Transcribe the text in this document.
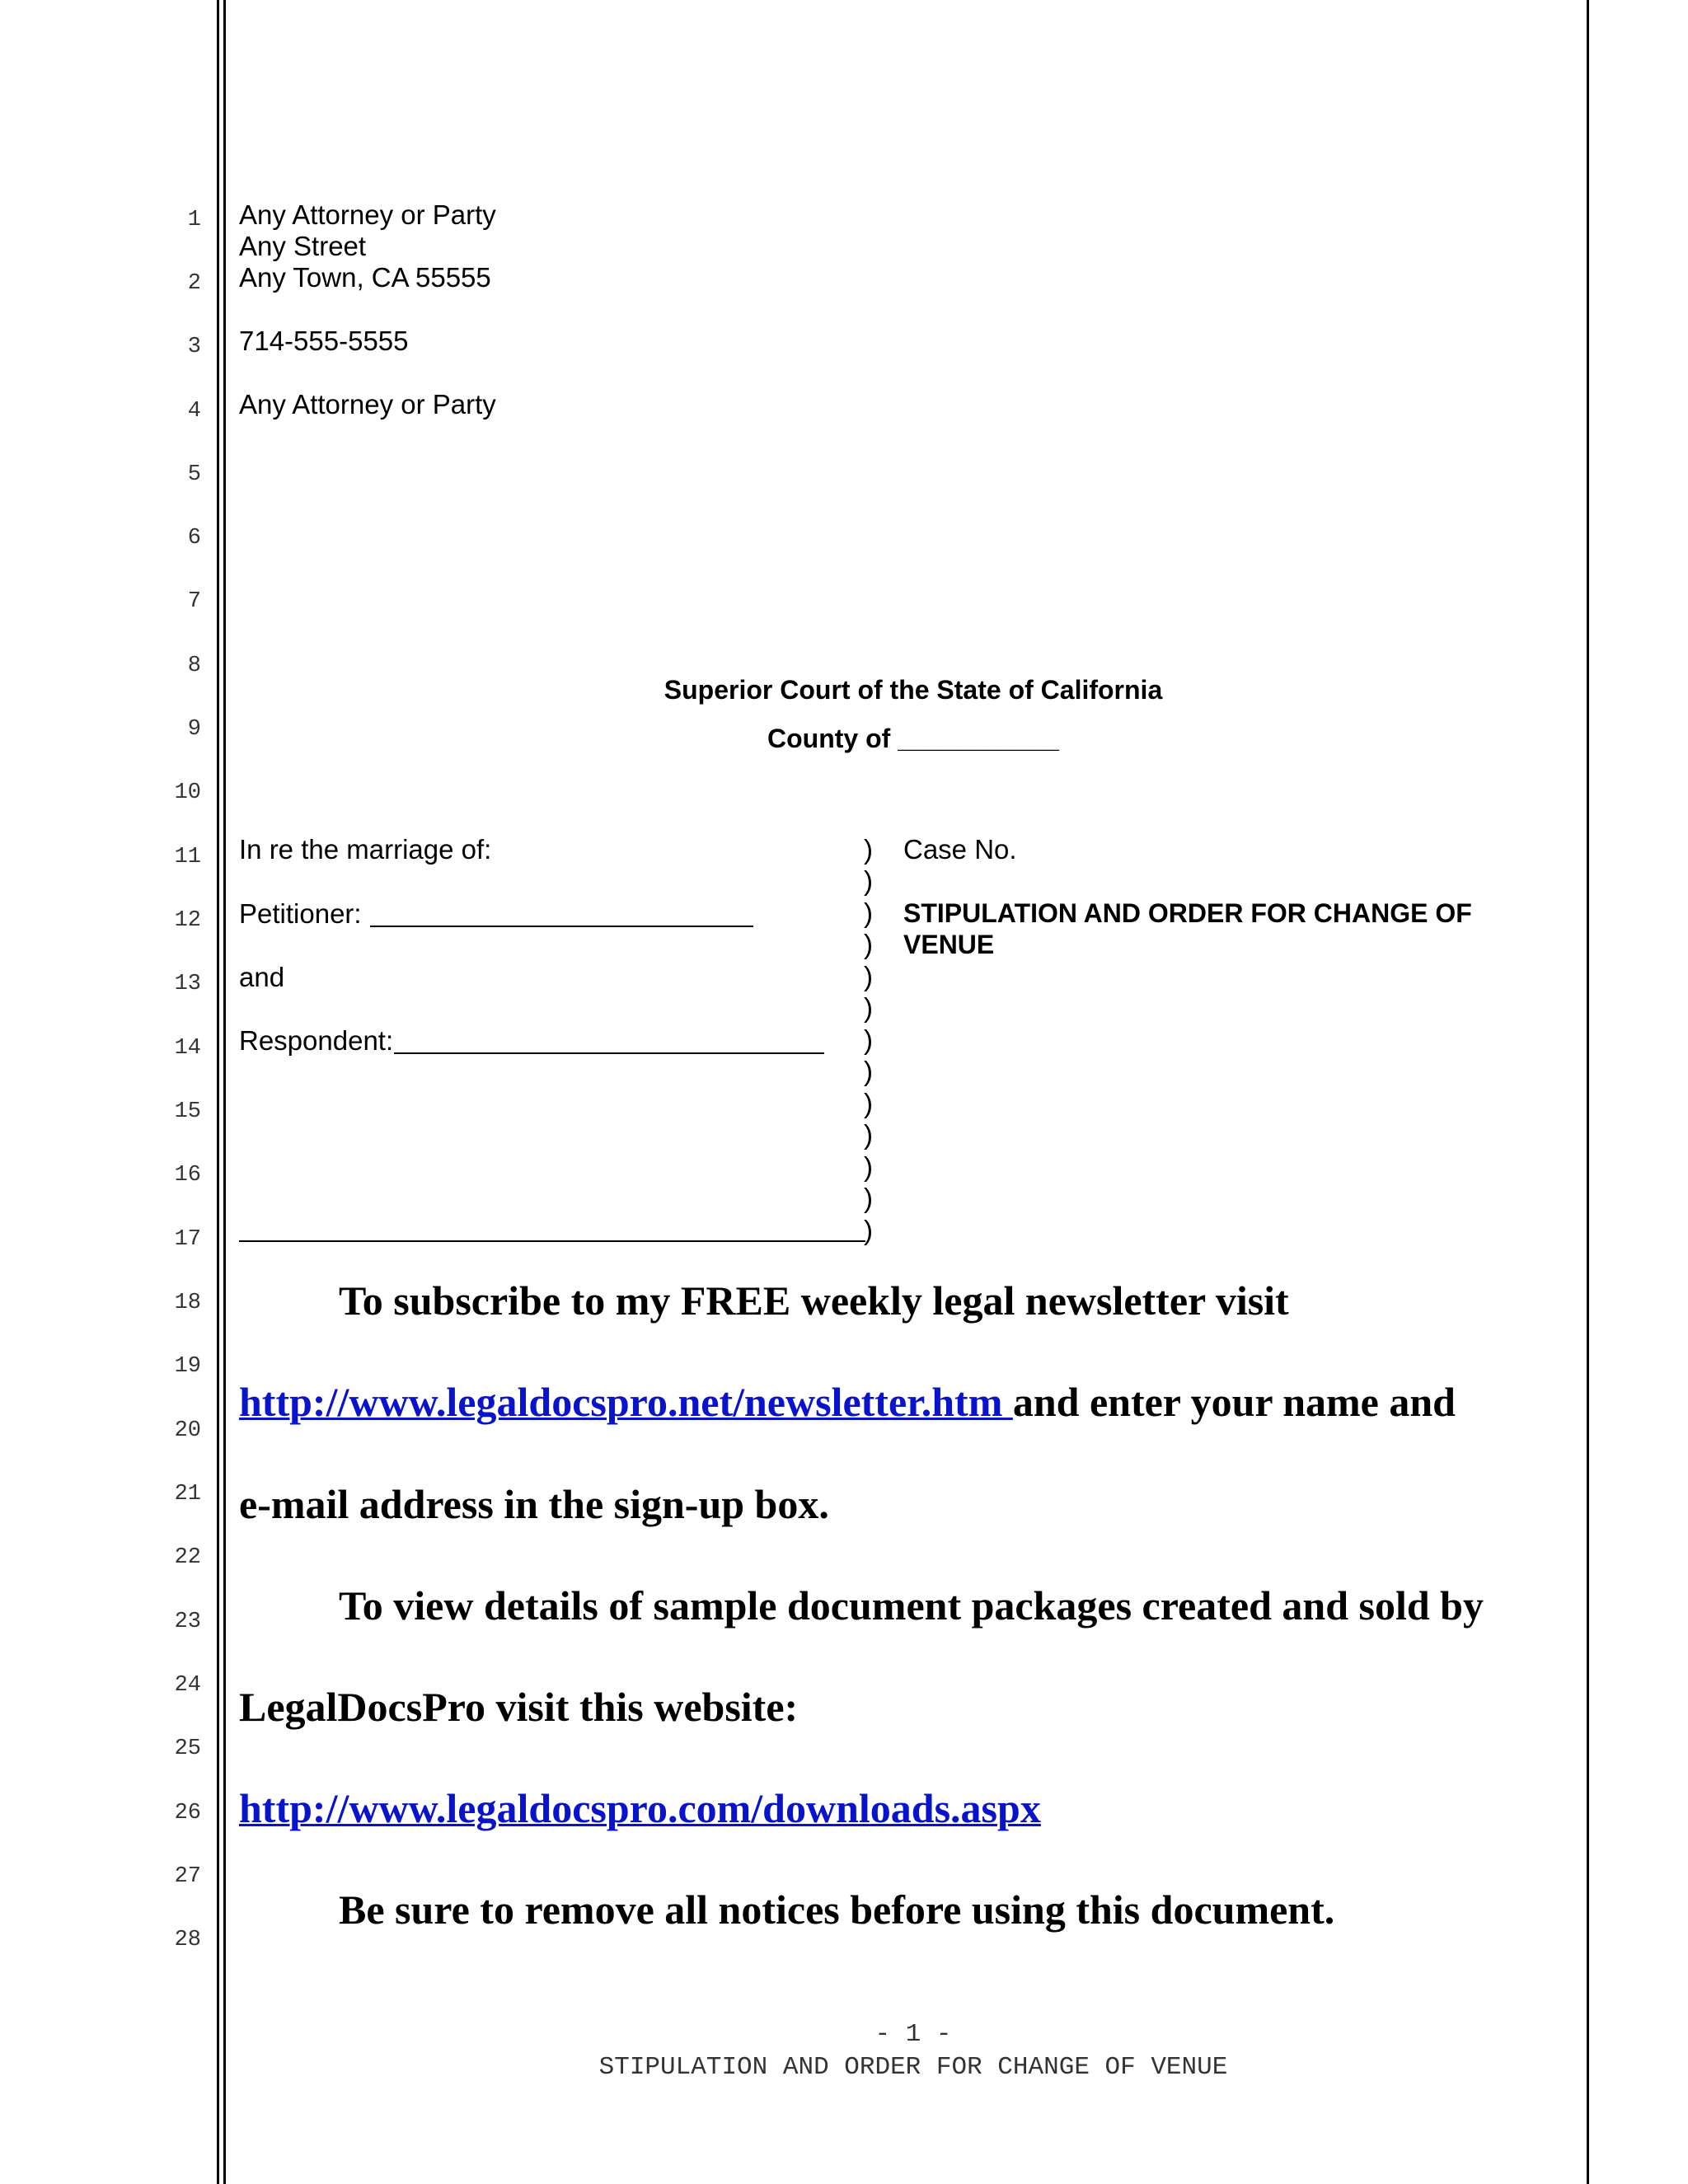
1
2
3
4
5
6
7
8
9
10
11
12
13
14
15
16
17
18
19
20
21
22
23
24
25
26
27
28
Any Attorney or Party
Any Street
Any Town, CA 55555
714-555-5555
Any Attorney or Party
Superior Court of the State of California
County of ___________
In re the marriage of:
Petitioner:
and
Respondent:
)
)
)
)
)
)
)
)
)
)
)
)
)
Case No.
STIPULATION AND ORDER FOR CHANGE OF
VENUE
To subscribe to my FREE weekly legal newsletter visit
http://www.legaldocspro.net/newsletter.htm and enter your name and
e-mail address in the sign-up box.
To view details of sample document packages created and sold by
LegalDocsPro visit this website:
http://www.legaldocspro.com/downloads.aspx
Be sure to remove all notices before using this document.
- 1 -
STIPULATION AND ORDER FOR CHANGE OF VENUE
